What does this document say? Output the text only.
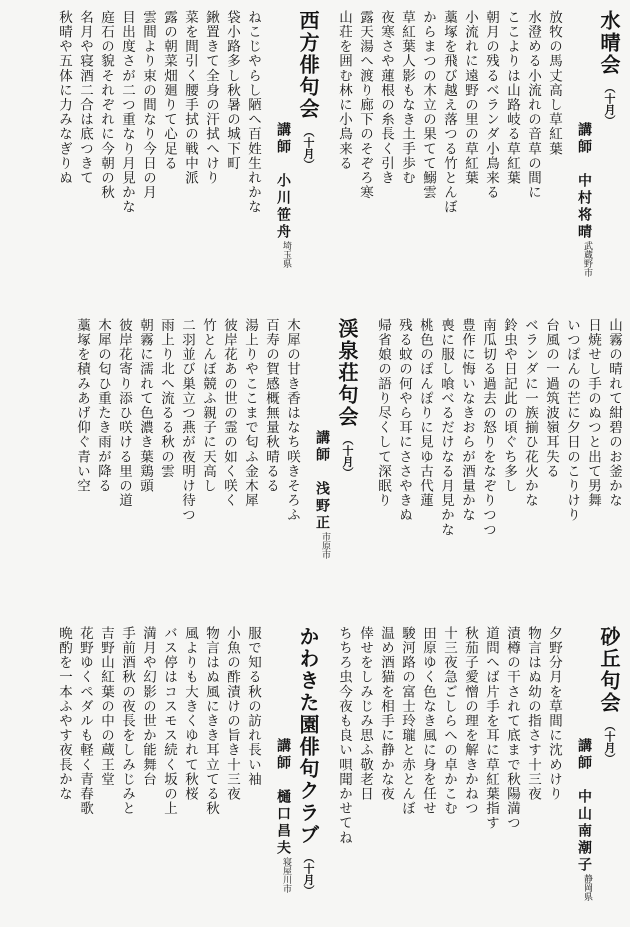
水晴会（十月）
講師　中村将晴$^{武蔵野市}$
放牧の馬丈高し草紅葉
水澄める小流れの音草の間に
ここよりは山路岐る草紅葉
朝月の残るベランダ小鳥来る
小流れに遠野の里の草紅葉
藁塚を飛び越え落つる竹とんぼ
からまつの木立の果てて鰯雲
草紅葉人影もなき土手歩む
夜寒さや蓮根の糸長く引き
露天湯へ渡り廊下のそぞろ寒
山荘を囲む林に小鳥来る
西方俳句会（十月）
講師　小川笹舟$^{埼玉県}$
ねこじやらし陋へ百姓生れかな
袋小路多し秋暑の城下町
鍬置きて全身の汗拭へけり
菜を間引く腰手拭の戦中派
露の朝菜畑廻りて心足る
雲間より束の間なり今日の月
目出度さが二つ重なり月見かな
庭石の貌それぞれに今朝の秋
名月や寝酒二合は底つきて
秋晴や五体に力みなぎりぬ
山霧の晴れて紺碧のお釜かな
日焼せし手のぬつと出て男舞
いつぽんの芒に夕日のこりけり
台風の一過筑波嶺耳失る
ベランダに一族揃ひ花火かな
鈴虫や日記此の頃ぐち多し
南瓜切る過去の怒りをなぞりつつ
豊作に悔いなきおらが酒量かな
喪に服し喰べるだけなる月見かな
桃色のぽんぽりに見ゆ古代蓮
残る蚊の何やら耳にささやきぬ
帰省娘の語り尽くして深眠り
渓泉荘句会（十月）
講師　浅野正$^{市原市}$
木犀の甘き香はなち咲きそろふ
百寿の賀感概無量秋晴るる
湯上りやここまで匂ふ金木犀
彼岸花あの世の霊の如く咲く
竹とんぼ競ふ親子に天高し
二羽並び巣立つ燕が夜明け待つ
雨上り北へ流るる秋の雲
朝霧に濡れて色濃き葉鶏頭
彼岸花寄り添ひ咲ける里の道
木犀の匂ひ重たき雨が降る
藁塚を積みあげ仰ぐ青い空
砂丘句会（十月）
講師　中山南潮子$^{静岡県}$
夕野分月を草間に沈めけり
物言はぬ幼の指さす十三夜
漬樽の干されて底まで秋陽満つ
道問へば片手を耳に草紅葉指す
秋茄子愛憎の理を解きかねつ
十三夜急ごしらへの卓かこむ
田原ゆく色なき風に身を任せ
駿河路の富士玲瓏と赤とんぼ
温め酒猫を相手に静かな夜
倖せをしみじみ思ふ敬老日
ちちろ虫今夜も良い唄聞かせてね
かわきた園俳句クラブ（十月）
講師　樋口昌夫$^{寝屋川市}$
服で知る秋の訪れ長い袖
小魚の酢漬けの旨き十三夜
物言はぬ風にきき耳立てる秋
風よりも大きくゆれて秋桜
バス停はコスモス続く坂の上
満月や幻影の世か能舞台
手前酒秋の夜長をしみじみと
吉野山紅葉の中の蔵王堂
花野ゆくペダルも軽く青春歌
晩酌を一本ふやす夜長かな
